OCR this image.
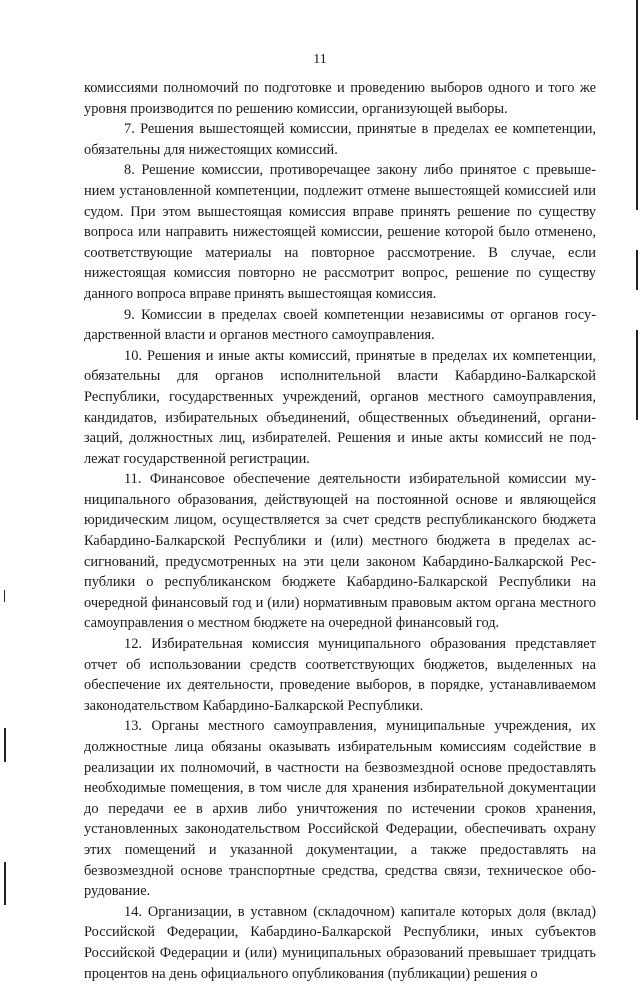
11

комиссиями полномочий по подготовке и проведению выборов одного и того же уровня производится по решению комиссии, организующей выборы.

7. Решения вышестоящей комиссии, принятые в пределах ее компетенции, обязательны для нижестоящих комиссий.

8. Решение комиссии, противоречащее закону либо принятое с превышением установленной компетенции, подлежит отмене вышестоящей комиссией или судом. При этом вышестоящая комиссия вправе принять решение по существу вопроса или направить нижестоящей комиссии, решение которой было отменено, соответствующие материалы на повторное рассмотрение. В случае, если нижестоящая комиссия повторно не рассмотрит вопрос, решение по существу данного вопроса вправе принять вышестоящая комиссия.

9. Комиссии в пределах своей компетенции независимы от органов государственной власти и органов местного самоуправления.

10. Решения и иные акты комиссий, принятые в пределах их компетенции, обязательны для органов исполнительной власти Кабардино-Балкарской Республики, государственных учреждений, органов местного самоуправления, кандидатов, избирательных объединений, общественных объединений, организаций, должностных лиц, избирателей. Решения и иные акты комиссий не подлежат государственной регистрации.

11. Финансовое обеспечение деятельности избирательной комиссии муниципального образования, действующей на постоянной основе и являющейся юридическим лицом, осуществляется за счет средств республиканского бюджета Кабардино-Балкарской Республики и (или) местного бюджета в пределах ассигнований, предусмотренных на эти цели законом Кабардино-Балкарской Республики о республиканском бюджете Кабардино-Балкарской Республики на очередной финансовый год и (или) нормативным правовым актом органа местного самоуправления о местном бюджете на очередной финансовый год.

12. Избирательная комиссия муниципального образования представляет отчет об использовании средств соответствующих бюджетов, выделенных на обеспечение их деятельности, проведение выборов, в порядке, устанавливаемом законодательством Кабардино-Балкарской Республики.

13. Органы местного самоуправления, муниципальные учреждения, их должностные лица обязаны оказывать избирательным комиссиям содействие в реализации их полномочий, в частности на безвозмездной основе предоставлять необходимые помещения, в том числе для хранения избирательной документации до передачи ее в архив либо уничтожения по истечении сроков хранения, установленных законодательством Российской Федерации, обеспечивать охрану этих помещений и указанной документации, а также предоставлять на безвозмездной основе транспортные средства, средства связи, техническое оборудование.

14. Организации, в уставном (складочном) капитале которых доля (вклад) Российской Федерации, Кабардино-Балкарской Республики, иных субъектов Российской Федерации и (или) муниципальных образований превышает тридцать процентов на день официального опубликования (публикации) решения о
